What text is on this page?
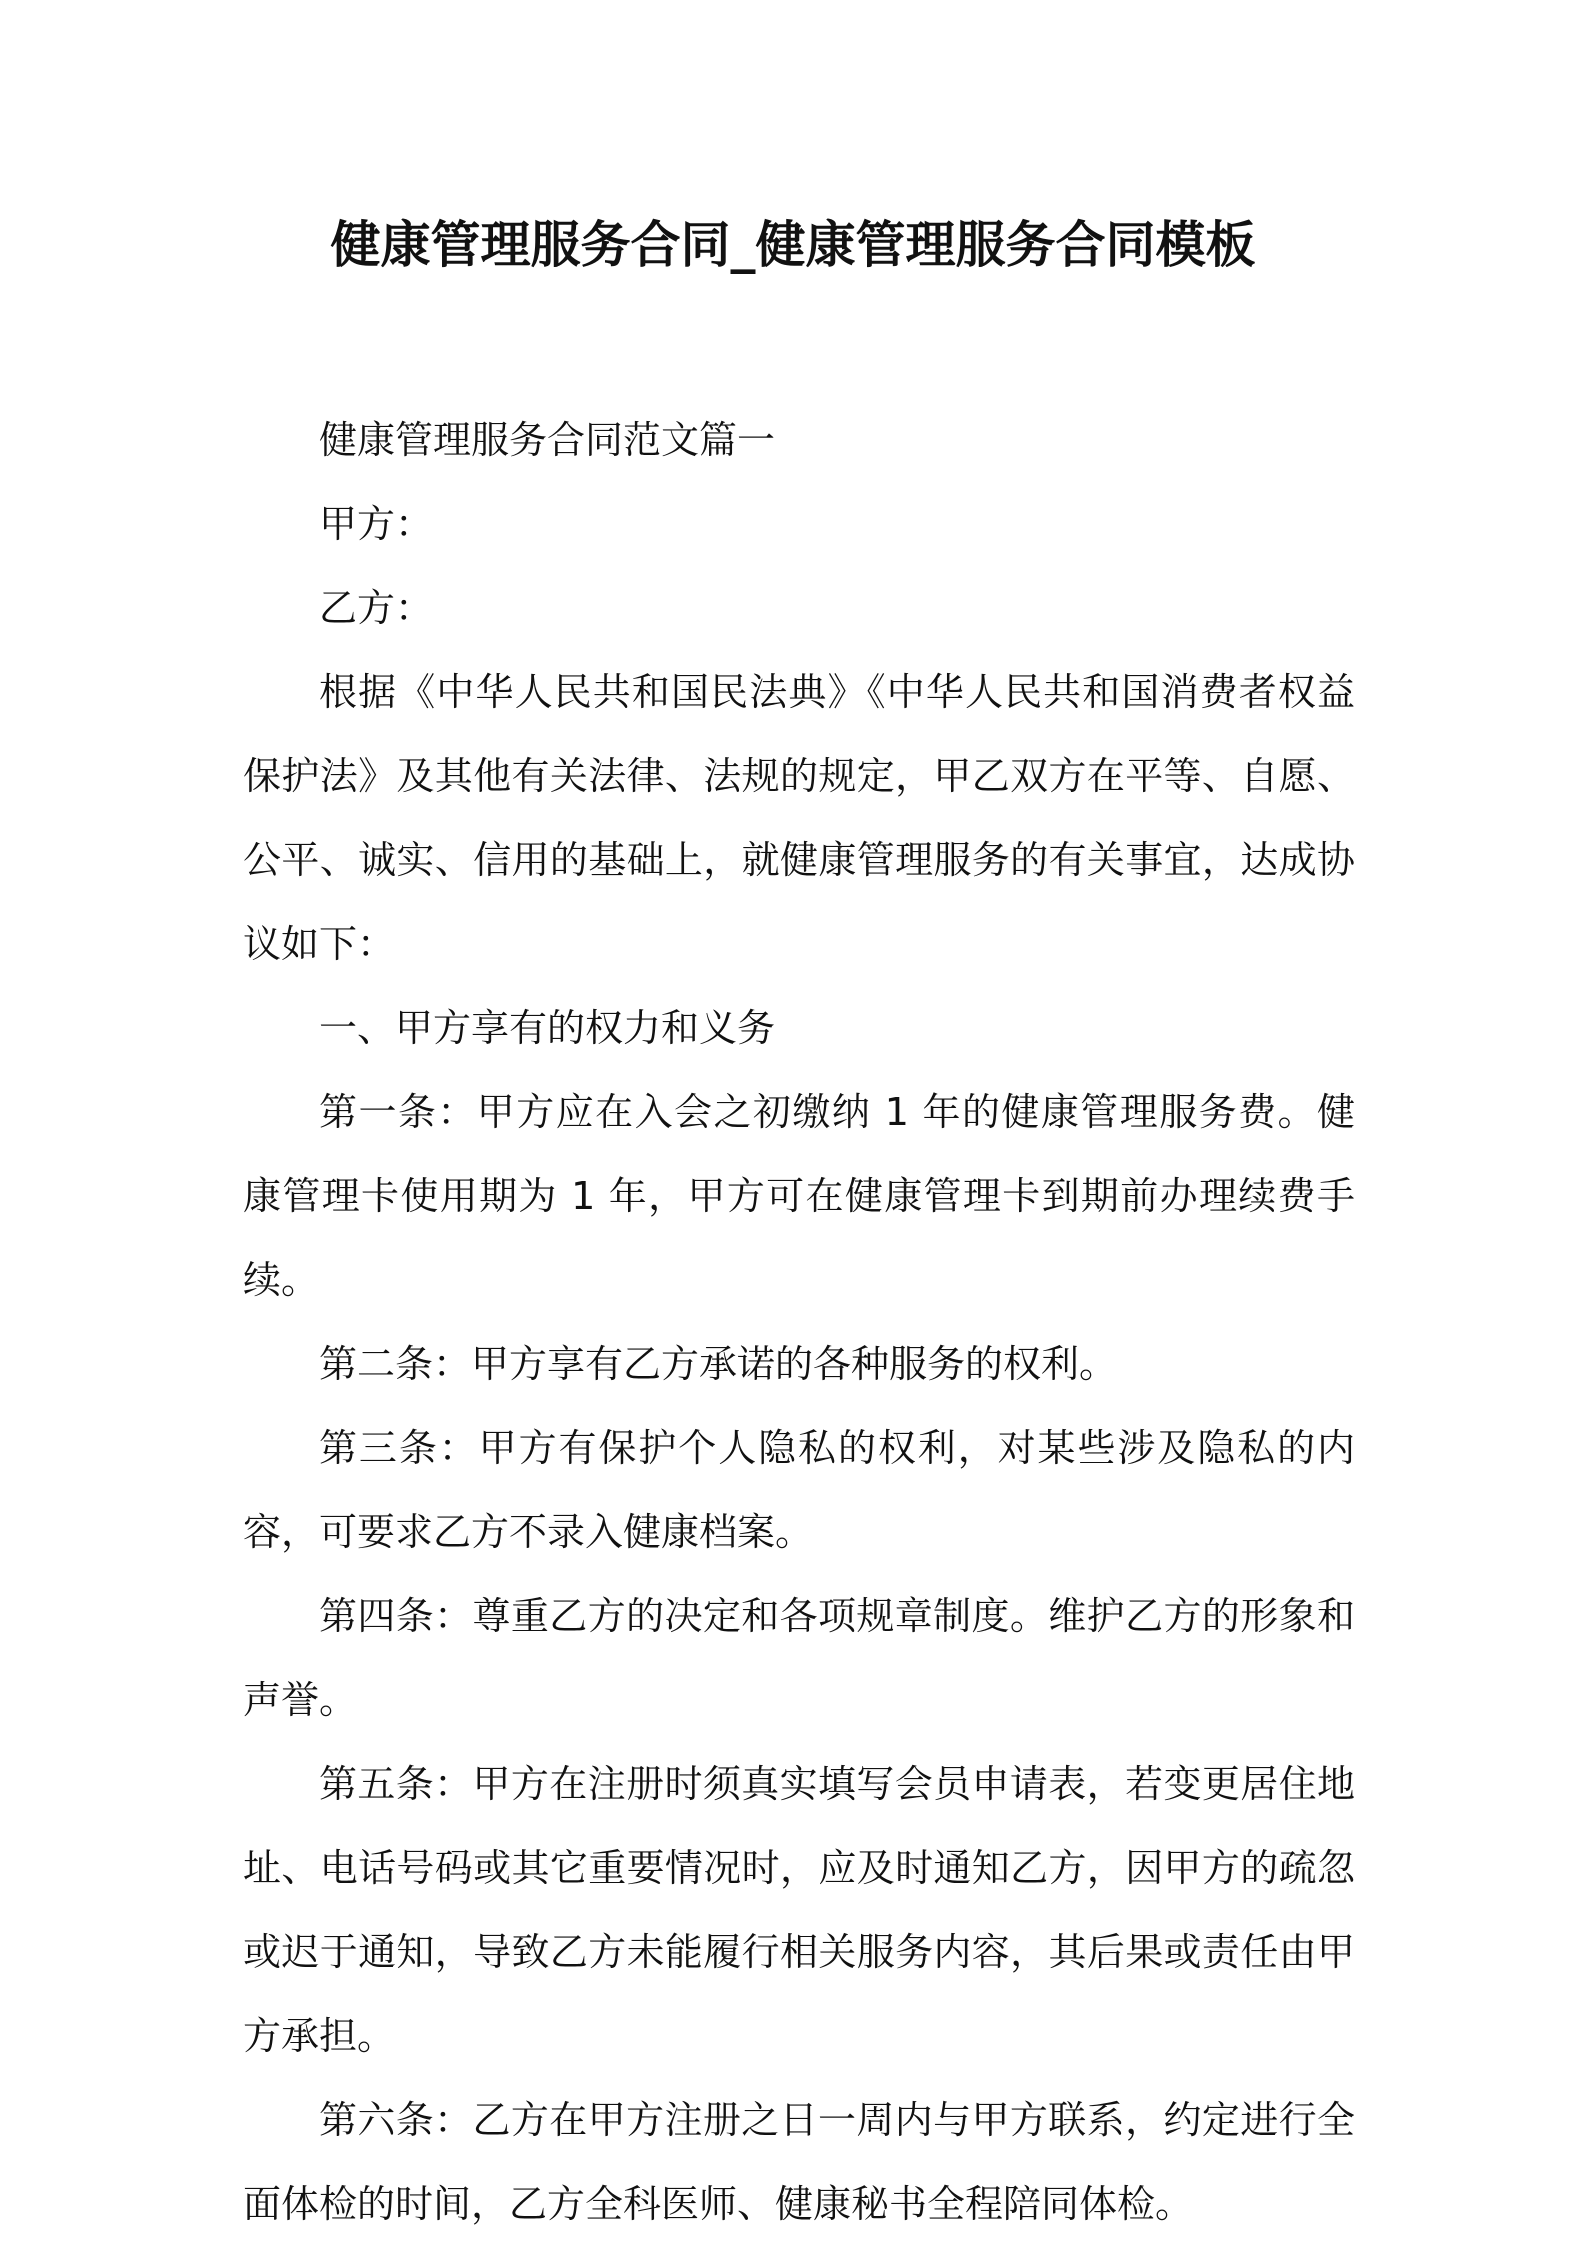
健康管理服务合同_健康管理服务合同模板

健康管理服务合同范文篇一

甲方：

乙方：

根据《中华人民共和国民法典》《中华人民共和国消费者权益保护法》及其他有关法律、法规的规定，甲乙双方在平等、自愿、公平、诚实、信用的基础上，就健康管理服务的有关事宜，达成协议如下：

一、甲方享有的权力和义务

第一条：甲方应在入会之初缴纳 1 年的健康管理服务费。健康管理卡使用期为 1 年，甲方可在健康管理卡到期前办理续费手续。

第二条：甲方享有乙方承诺的各种服务的权利。

第三条：甲方有保护个人隐私的权利，对某些涉及隐私的内容，可要求乙方不录入健康档案。

第四条：尊重乙方的决定和各项规章制度。维护乙方的形象和声誉。

第五条：甲方在注册时须真实填写会员申请表，若变更居住地址、电话号码或其它重要情况时，应及时通知乙方，因甲方的疏忽或迟于通知，导致乙方未能履行相关服务内容，其后果或责任由甲方承担。

第六条：乙方在甲方注册之日一周内与甲方联系，约定进行全面体检的时间，乙方全科医师、健康秘书全程陪同体检。
